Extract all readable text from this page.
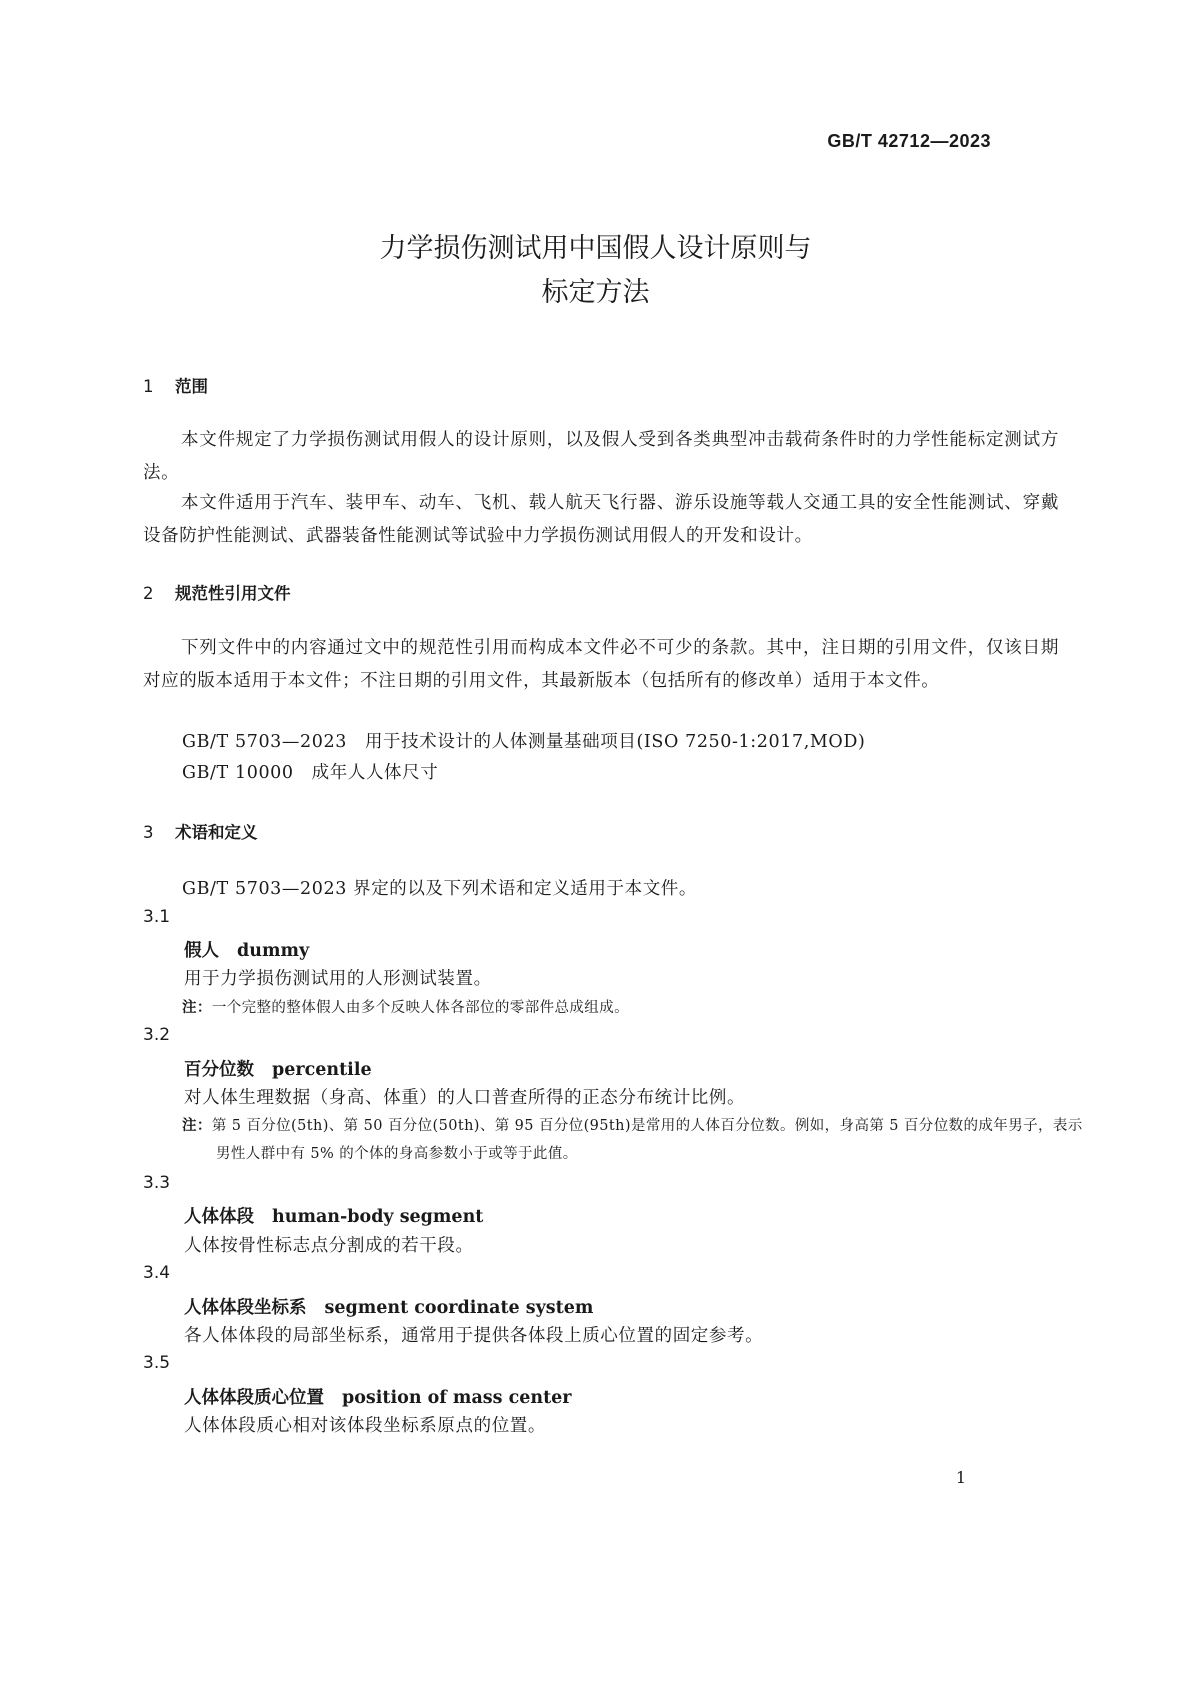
GB/T 42712—2023
力学损伤测试用中国假人设计原则与
标定方法
1 范围
本文件规定了力学损伤测试用假人的设计原则，以及假人受到各类典型冲击载荷条件时的力学性能标定测试方法。
本文件适用于汽车、装甲车、动车、飞机、载人航天飞行器、游乐设施等载人交通工具的安全性能测试、穿戴设备防护性能测试、武器装备性能测试等试验中力学损伤测试用假人的开发和设计。
2 规范性引用文件
下列文件中的内容通过文中的规范性引用而构成本文件必不可少的条款。其中，注日期的引用文件，仅该日期对应的版本适用于本文件；不注日期的引用文件，其最新版本（包括所有的修改单）适用于本文件。
GB/T 5703—2023 用于技术设计的人体测量基础项目(ISO 7250-1:2017,MOD)
GB/T 10000 成年人人体尺寸
3 术语和定义
GB/T 5703—2023 界定的以及下列术语和定义适用于本文件。
3.1
假人 dummy
用于力学损伤测试用的人形测试装置。
注：一个完整的整体假人由多个反映人体各部位的零部件总成组成。
3.2
百分位数 percentile
对人体生理数据（身高、体重）的人口普查所得的正态分布统计比例。
注：第 5 百分位(5th)、第 50 百分位(50th)、第 95 百分位(95th)是常用的人体百分位数。例如，身高第 5 百分位数的成年男子，表示男性人群中有 5% 的个体的身高参数小于或等于此值。
3.3
人体体段 human-body segment
人体按骨性标志点分割成的若干段。
3.4
人体体段坐标系 segment coordinate system
各人体体段的局部坐标系，通常用于提供各体段上质心位置的固定参考。
3.5
人体体段质心位置 position of mass center
人体体段质心相对该体段坐标系原点的位置。
1
